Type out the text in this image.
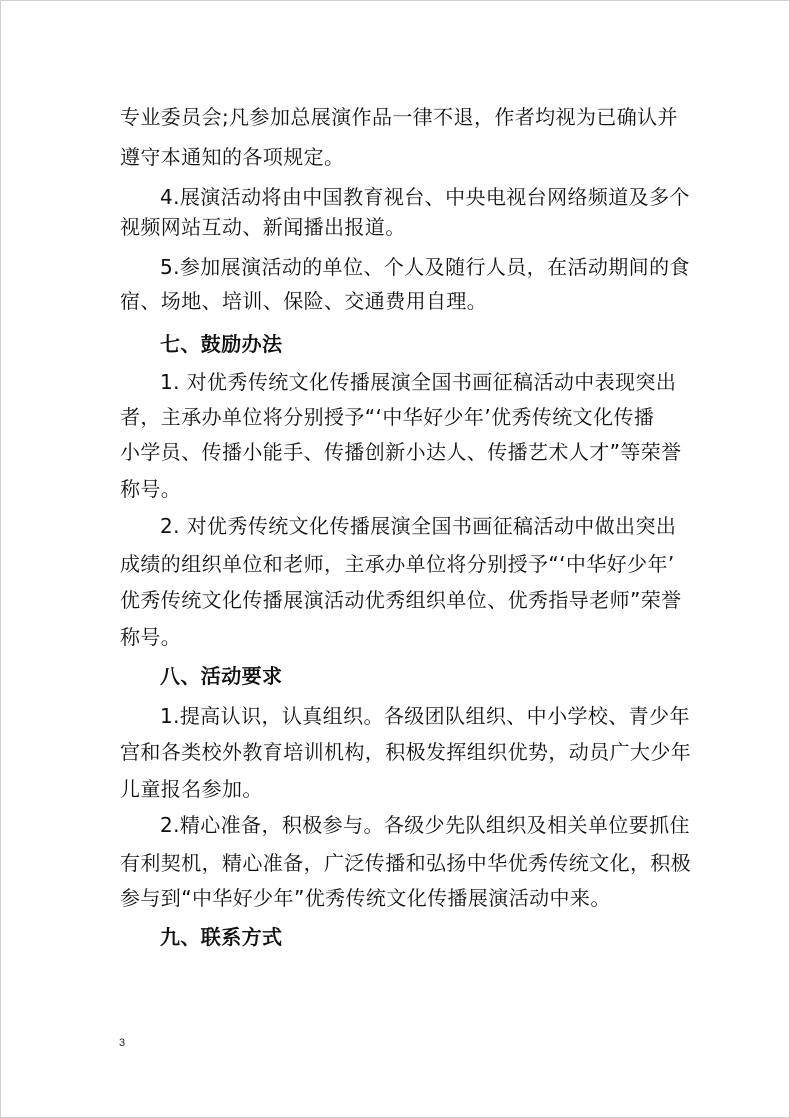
专业委员会;凡参加总展演作品一律不退，作者均视为已确认并
遵守本通知的各项规定。
4.展演活动将由中国教育视台、中央电视台网络频道及多个
视频网站互动、新闻播出报道。
5.参加展演活动的单位、个人及随行人员，在活动期间的食
宿、场地、培训、保险、交通费用自理。
七、鼓励办法
1. 对优秀传统文化传播展演全国书画征稿活动中表现突出
者，主承办单位将分别授予“‘中华好少年’优秀传统文化传播
小学员、传播小能手、传播创新小达人、传播艺术人才”等荣誉
称号。
2. 对优秀传统文化传播展演全国书画征稿活动中做出突出
成绩的组织单位和老师，主承办单位将分别授予“‘中华好少年’
优秀传统文化传播展演活动优秀组织单位、优秀指导老师”荣誉
称号。
八、活动要求
1.提高认识，认真组织。各级团队组织、中小学校、青少年
宫和各类校外教育培训机构，积极发挥组织优势，动员广大少年
儿童报名参加。
2.精心准备，积极参与。各级少先队组织及相关单位要抓住
有利契机，精心准备，广泛传播和弘扬中华优秀传统文化，积极
参与到“中华好少年”优秀传统文化传播展演活动中来。
九、联系方式
3
